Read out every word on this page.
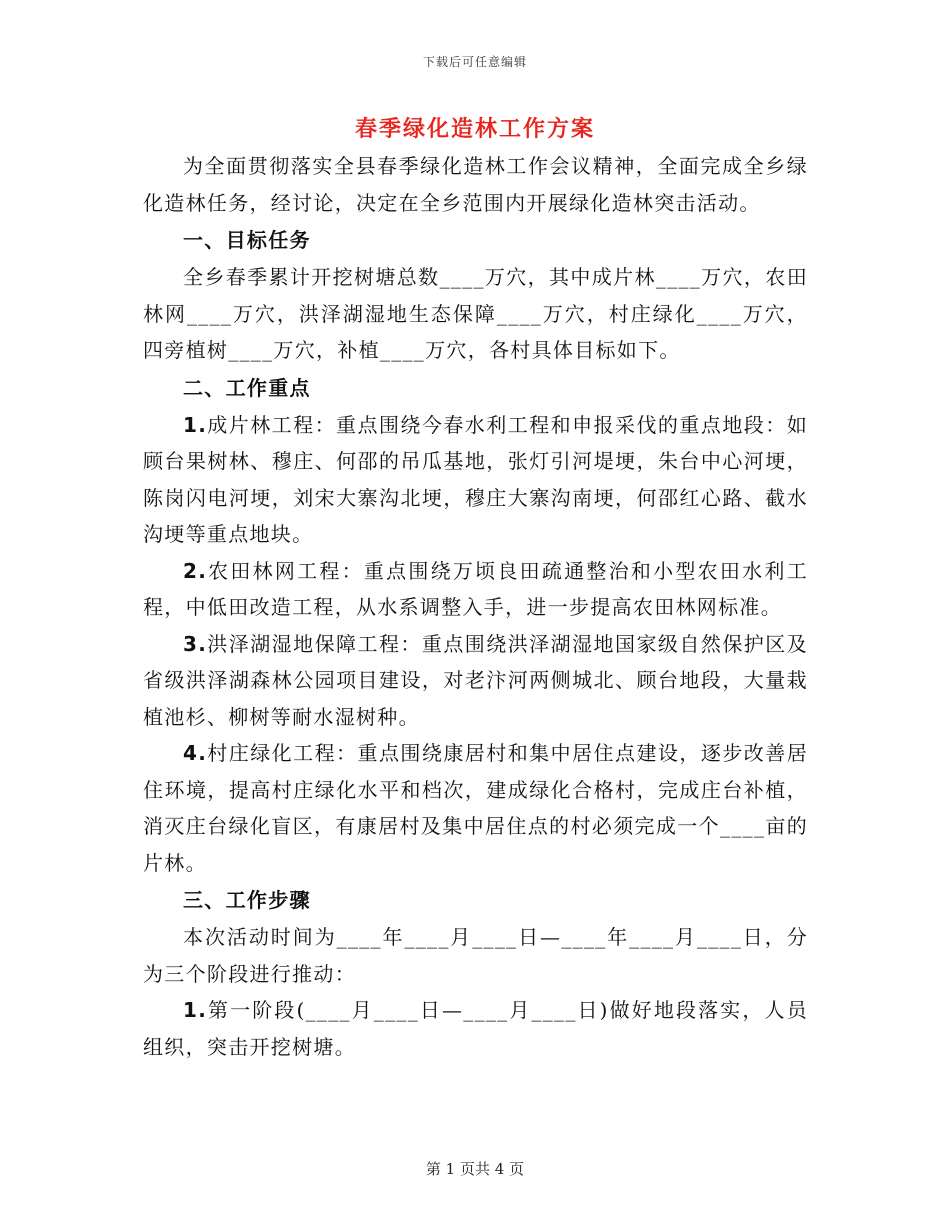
下载后可任意编辑
春季绿化造林工作方案

为全面贯彻落实全县春季绿化造林工作会议精神，全面完成全乡绿化造林任务，经讨论，决定在全乡范围内开展绿化造林突击活动。

一、目标任务

全乡春季累计开挖树塘总数____万穴，其中成片林____万穴，农田林网____万穴，洪泽湖湿地生态保障____万穴，村庄绿化____万穴，四旁植树____万穴，补植____万穴，各村具体目标如下。

二、工作重点

1.成片林工程：重点围绕今春水利工程和申报采伐的重点地段：如顾台果树林、穆庄、何邵的吊瓜基地，张灯引河堤埂，朱台中心河埂，陈岗闪电河埂，刘宋大寨沟北埂，穆庄大寨沟南埂，何邵红心路、截水沟埂等重点地块。

2.农田林网工程：重点围绕万顷良田疏通整治和小型农田水利工程，中低田改造工程，从水系调整入手，进一步提高农田林网标准。

3.洪泽湖湿地保障工程：重点围绕洪泽湖湿地国家级自然保护区及省级洪泽湖森林公园项目建设，对老汴河两侧城北、顾台地段，大量栽植池杉、柳树等耐水湿树种。

4.村庄绿化工程：重点围绕康居村和集中居住点建设，逐步改善居住环境，提高村庄绿化水平和档次，建成绿化合格村，完成庄台补植，消灭庄台绿化盲区，有康居村及集中居住点的村必须完成一个____亩的片林。

三、工作步骤

本次活动时间为____年____月____日—____年____月____日，分为三个阶段进行推动：

1.第一阶段(____月____日—____月____日)做好地段落实，人员组织，突击开挖树塘。

第 1 页共 4 页
